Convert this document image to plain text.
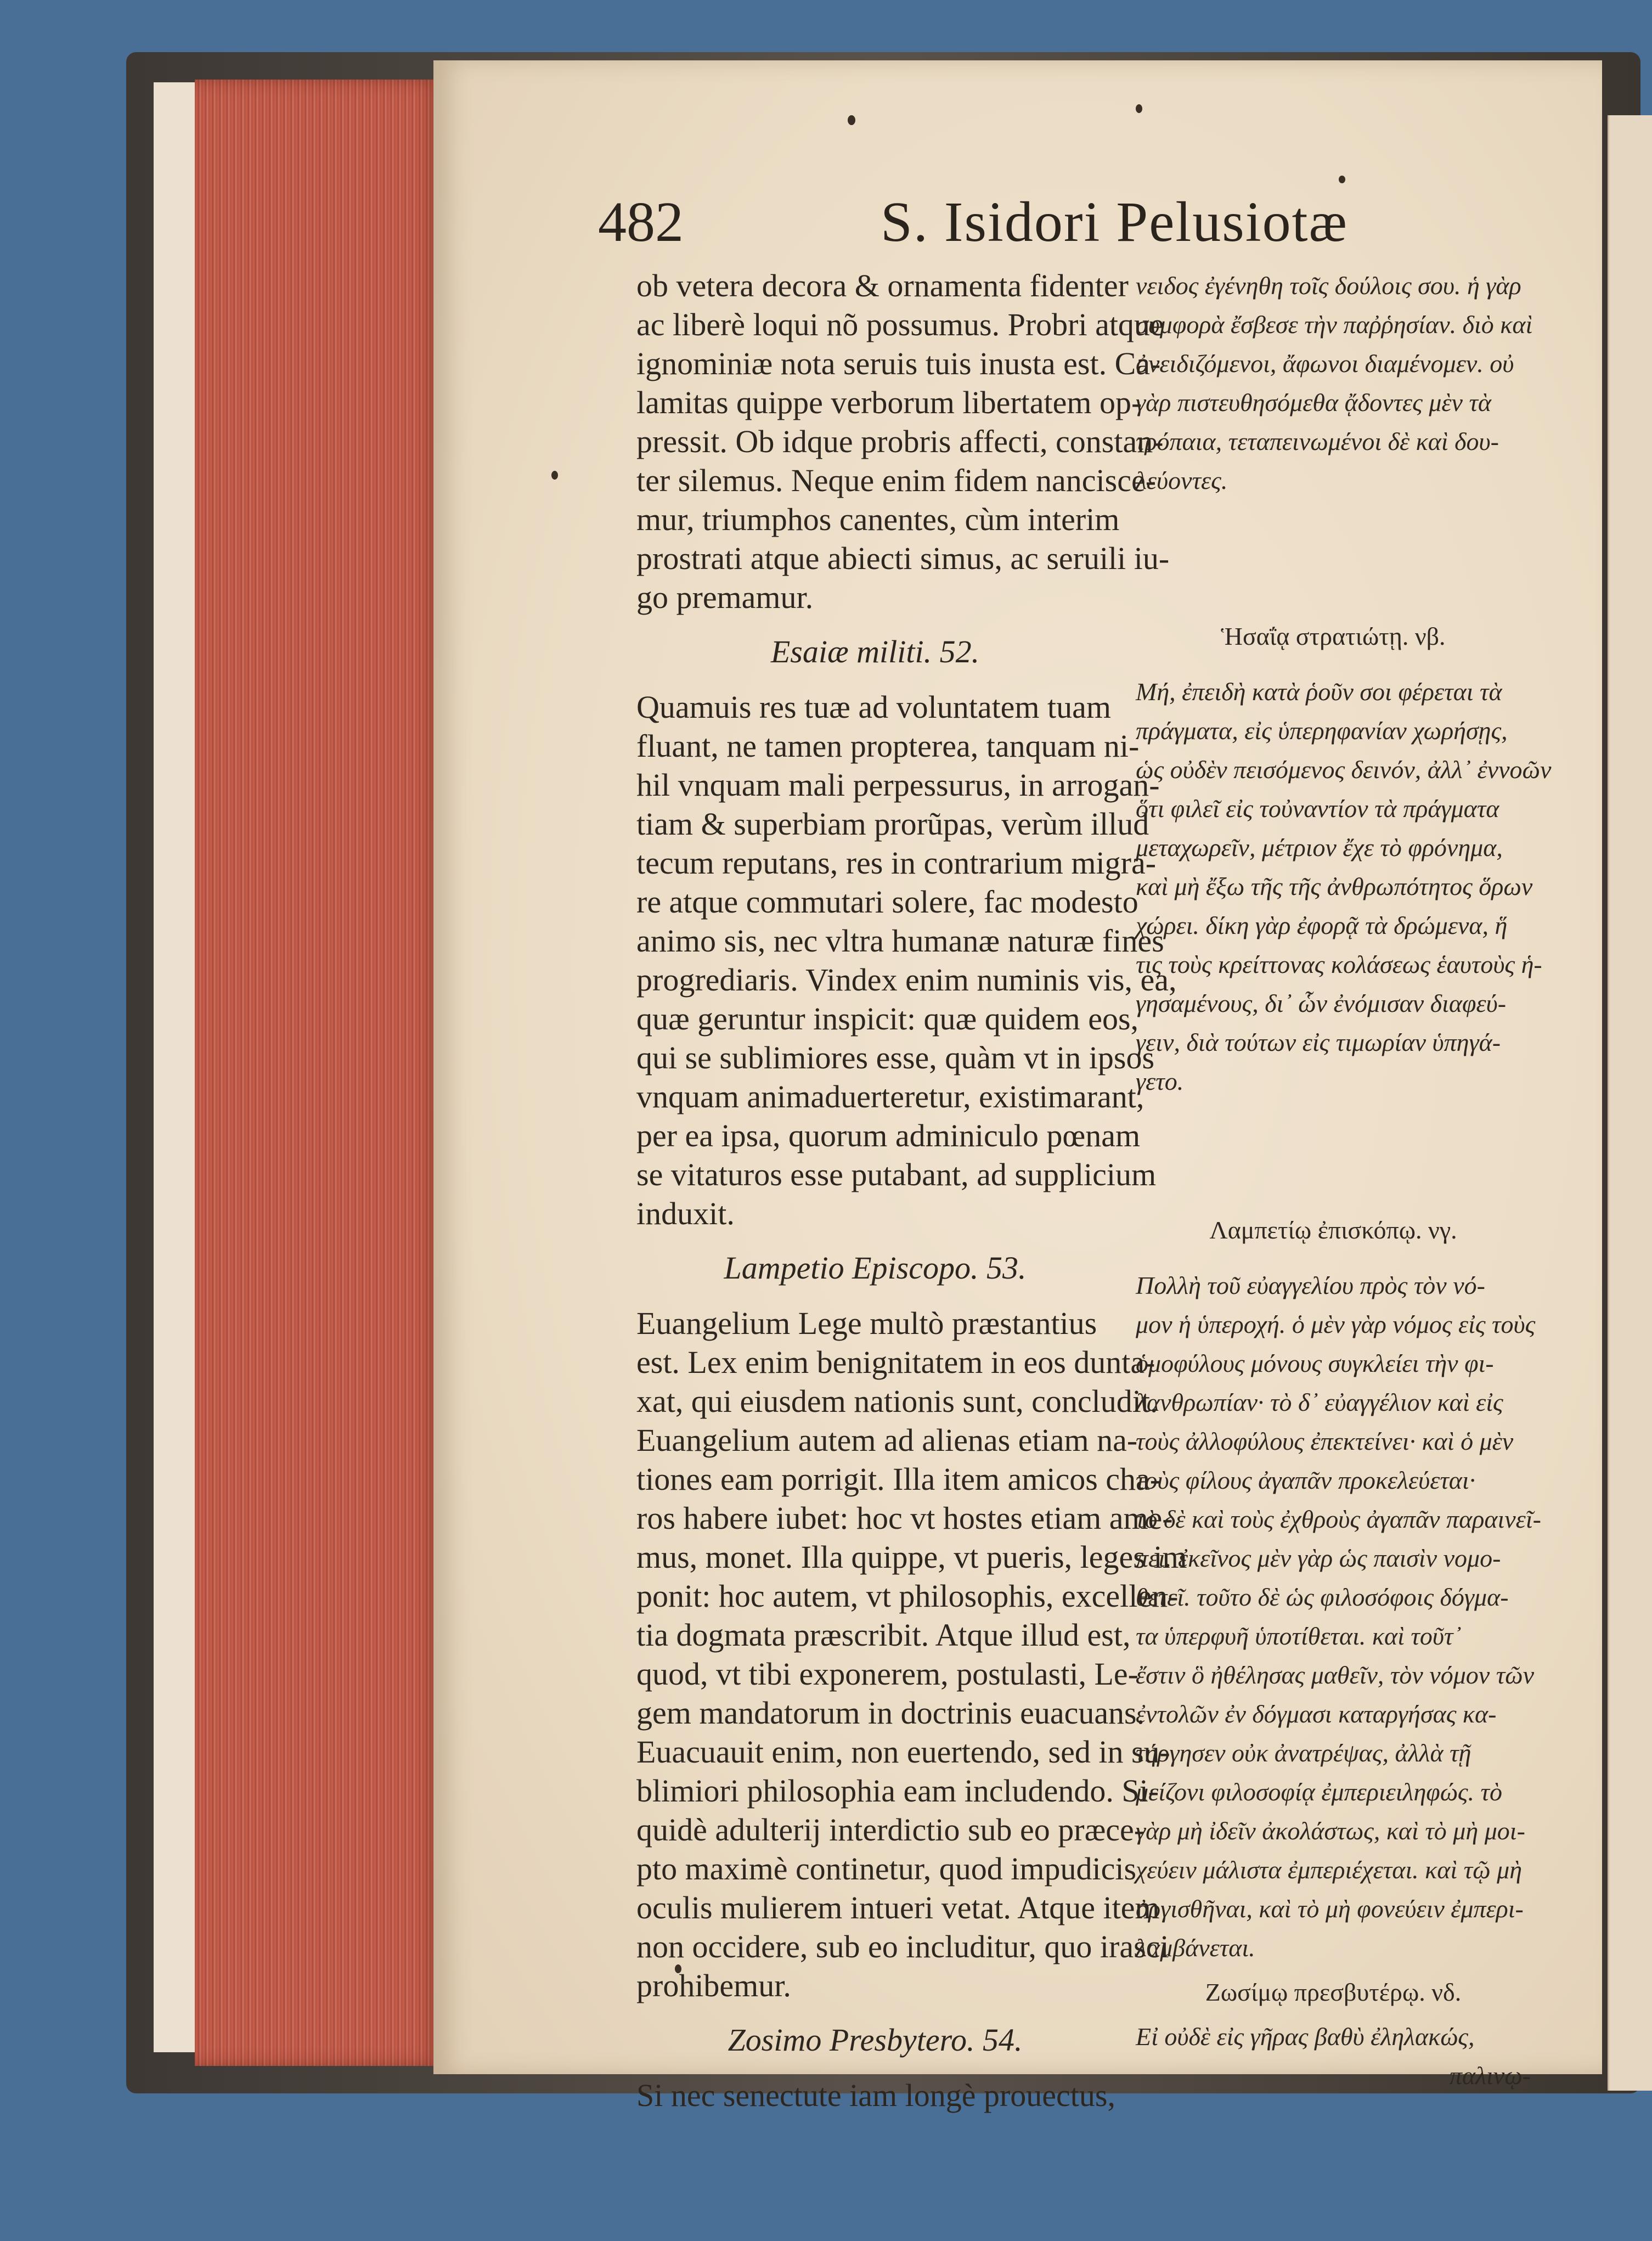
482	S. Isidori Pelusiotæ
ob vetera decora & ornamenta fidenter
ac liberè loqui nõ possumus. Probri atque
ignominiæ nota seruis tuis inusta est. Ca-
lamitas quippe verborum libertatem op-
pressit. Ob idque probris affecti, constan-
ter silemus. Neque enim fidem nancisce-
mur, triumphos canentes, cùm interim
prostrati atque abiecti simus, ac seruili iu-
go premamur.
Esaiæ militi. 52.
Quamuis res tuæ ad voluntatem tuam
fluant, ne tamen propterea, tanquam ni-
hil vnquam mali perpessurus, in arrogan-
tiam & superbiam prorũpas, verùm illud
tecum reputans, res in contrarium migra-
re atque commutari solere, fac modesto
animo sis, nec vltra humanæ naturæ fines
progrediaris. Vindex enim numinis vis, ea,
quæ geruntur inspicit: quæ quidem eos,
qui se sublimiores esse, quàm vt in ipsos
vnquam animaduerteretur, existimarant,
per ea ipsa, quorum adminiculo pœnam
se vitaturos esse putabant, ad supplicium
induxit.
Lampetio Episcopo. 53.
Euangelium Lege multò præstantius
est. Lex enim benignitatem in eos dunta-
xat, qui eiusdem nationis sunt, concludit.
Euangelium autem ad alienas etiam na-
tiones eam porrigit. Illa item amicos cha-
ros habere iubet: hoc vt hostes etiam ame-
mus, monet. Illa quippe, vt pueris, leges im
ponit: hoc autem, vt philosophis, excellen-
tia dogmata præscribit. Atque illud est,
quod, vt tibi exponerem, postulasti, Le-
gem mandatorum in doctrinis euacuans.
Euacuauit enim, non euertendo, sed in su-
blimiori philosophia eam includendo. Si-
quidè adulterij interdictio sub eo præce-
pto maximè continetur, quod impudicis
oculis mulierem intueri vetat. Atque item
non occidere, sub eo includitur, quo irasci
prohibemur.
Zosimo Presbytero. 54.
Si nec senectute iam longè prouectus,
νειδος ἐγένηθη τοῖς δούλοις σου. ἡ γὰρ
συμφορὰ ἔσβεσε τὴν παῤῥησίαν. διὸ καὶ
ὀνειδιζόμενοι, ἄφωνοι διαμένομεν. οὐ
γὰρ πιστευθησόμεθα ᾄδοντες μὲν τὰ
τρόπαια, τεταπεινωμένοι δὲ καὶ δου-
λεύοντες.
Ἡσαΐᾳ στρατιώτῃ. νβ.
Μή, ἐπειδὴ κατὰ ῥοῦν σοι φέρεται τὰ
πράγματα, εἰς ὑπερηφανίαν χωρήσῃς,
ὡς οὐδὲν πεισόμενος δεινόν, ἀλλ᾽ ἐννοῶν
ὅτι φιλεῖ εἰς τοὐναντίον τὰ πράγματα
μεταχωρεῖν, μέτριον ἔχε τὸ φρόνημα,
καὶ μὴ ἔξω τῆς τῆς ἀνθρωπότητος ὅρων
χώρει. δίκη γὰρ ἐφορᾷ τὰ δρώμενα, ἥ
τις τοὺς κρείττονας κολάσεως ἑαυτοὺς ἡ-
γησαμένους, δι᾽ ὧν ἐνόμισαν διαφεύ-
γειν, διὰ τούτων εἰς τιμωρίαν ὑπηγά-
γετο.
Λαμπετίῳ ἐπισκόπῳ. νγ.
Πολλὴ τοῦ εὐαγγελίου πρὸς τὸν νό-
μον ἡ ὑπεροχή. ὁ μὲν γὰρ νόμος εἰς τοὺς
ὁμοφύλους μόνους συγκλείει τὴν φι-
λανθρωπίαν· τὸ δ᾽ εὐαγγέλιον καὶ εἰς
τοὺς ἀλλοφύλους ἐπεκτείνει· καὶ ὁ μὲν
τοὺς φίλους ἀγαπᾶν προκελεύεται·
τὸ δὲ καὶ τοὺς ἐχθροὺς ἀγαπᾶν παραινεῖ-
πει. ἐκεῖνος μὲν γὰρ ὡς παισὶν νομο-
θετεῖ. τοῦτο δὲ ὡς φιλοσόφοις δόγμα-
τα ὑπερφυῆ ὑποτίθεται. καὶ τοῦτ᾽
ἔστιν ὃ ἠθέλησας μαθεῖν, τὸν νόμον τῶν
ἐντολῶν ἐν δόγμασι καταργήσας κα-
τήργησεν οὐκ ἀνατρέψας, ἀλλὰ τῇ
μείζονι φιλοσοφίᾳ ἐμπεριειληφώς. τὸ
γὰρ μὴ ἰδεῖν ἀκολάστως, καὶ τὸ μὴ μοι-
χεύειν μάλιστα ἐμπεριέχεται. καὶ τῷ μὴ
ὀργισθῆναι, καὶ τὸ μὴ φονεύειν ἐμπερι-
λαμβάνεται.
Ζωσίμῳ πρεσβυτέρῳ. νδ.
Εἰ οὐδὲ εἰς γῆρας βαθὺ ἐληλακώς,
παλινῳ-
